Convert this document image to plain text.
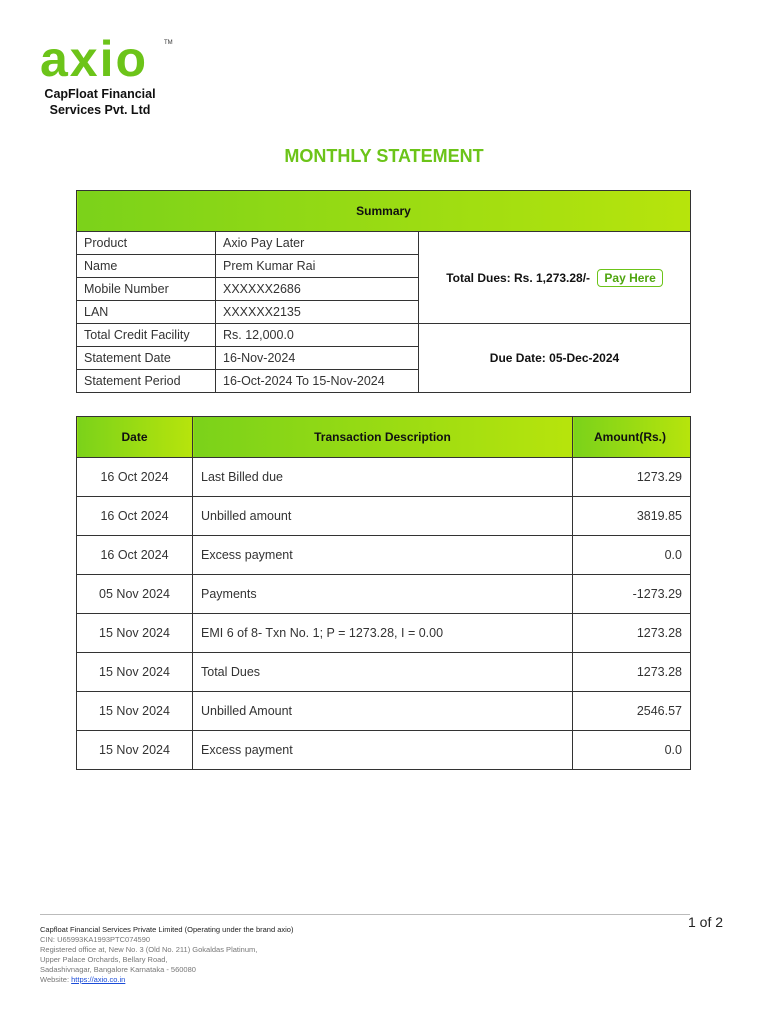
axio	TM
CapFloat Financial
Services Pvt. Ltd
MONTHLY STATEMENT
Summary		
Product	Axio Pay Later	Total Dues: Rs. 1,273.28/- Pay Here
Name	Prem Kumar Rai	
Mobile Number	XXXXXX2686	
LAN	XXXXXX2135	
Total Credit Facility	Rs. 12,000.0	Due Date: 05-Dec-2024
Statement Date	16-Nov-2024	
Statement Period	16-Oct-2024 To 15-Nov-2024	
Date	Transaction Description	Amount(Rs.)
16 Oct 2024	Last Billed due	1273.29
16 Oct 2024	Unbilled amount	3819.85
16 Oct 2024	Excess payment	0.0
05 Nov 2024	Payments	-1273.29
15 Nov 2024	EMI 6 of 8- Txn No. 1; P = 1273.28, I = 0.00	1273.28
15 Nov 2024	Total Dues	1273.28
15 Nov 2024	Unbilled Amount	2546.57
15 Nov 2024	Excess payment	0.0
Capfloat Financial Services Private Limited (Operating under the brand axio)
CIN: U65993KA1993PTC074590
Registered office at, New No. 3 (Old No. 211) Gokaldas Platinum,
Upper Palace Orchards, Bellary Road,
Sadashivnagar, Bangalore Karnataka - 560080
Website: https://axio.co.in
1 of 2
